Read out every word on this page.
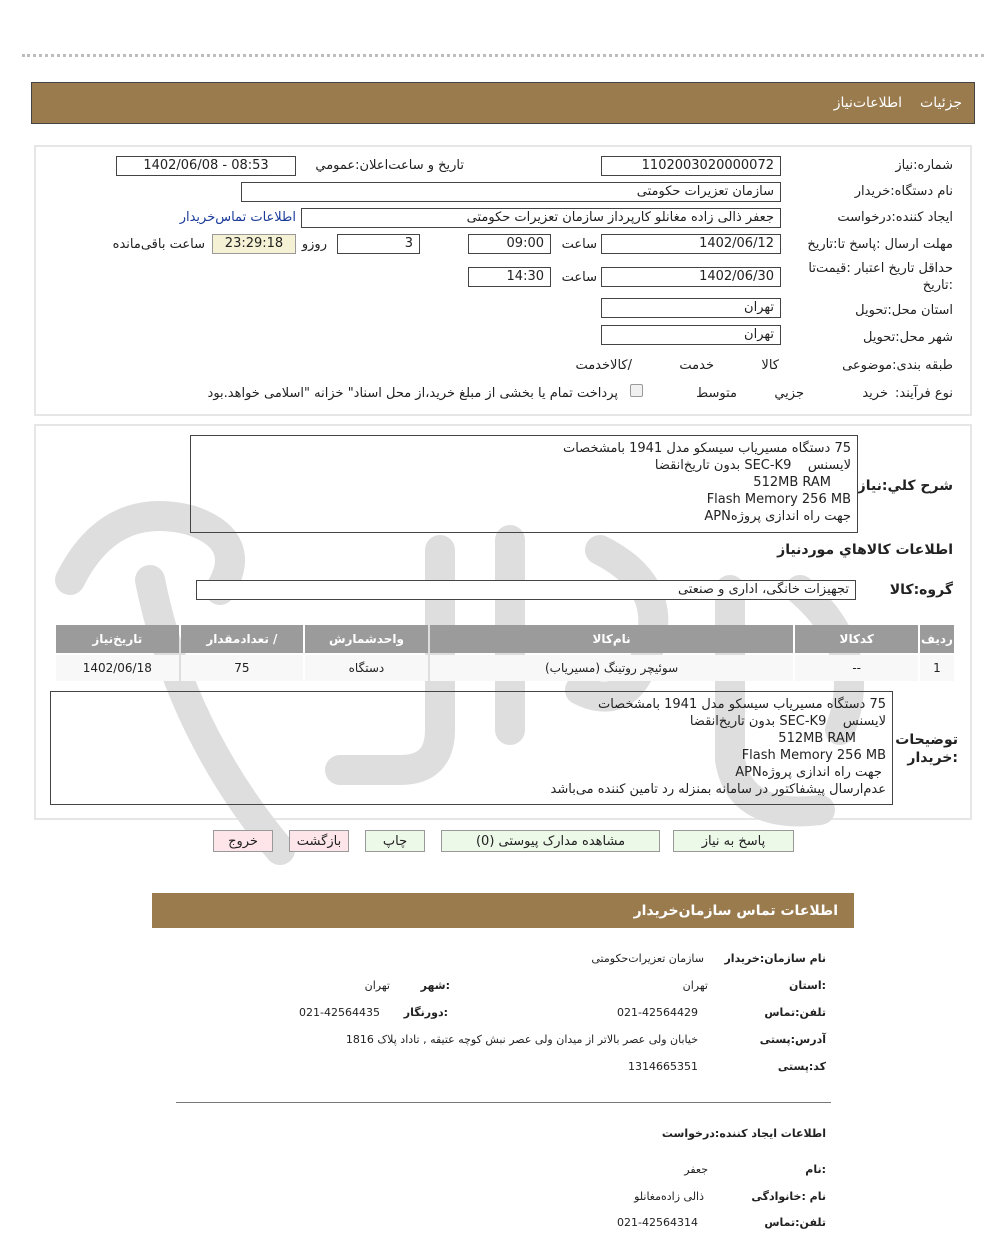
جزئیات
اطلاعات‌نیاز
شماره‌:نیاز
1102003020000072
تاریخ و ساعت‌اعلان:عمومي
1402/06/08 - 08:53
نام دستگاه:خریدار
سازمان تعزیرات حکومتی
ایجاد کننده:درخواست
جعفر ذالی زاده مغانلو کارپرداز سازمان تعزیرات حکومتی
اطلاعات تماس‌خریدار
مهلت ارسال :پاسخ تا:تاریخ
1402/06/12
ساعت
09:00
3
روزو
23:29:18
ساعت باقی‌مانده
حداقل تاریخ اعتبار :قیمت‌تا
:تاریخ
1402/06/30
ساعت
14:30
استان محل:تحویل
تهران
شهر محل:تحویل
تهران
طبقه بندی:موضوعی

کالا

خدمت

/کالاخدمت
نوع فرآیند:
خرید

جزیي
متوسط
پرداخت تمام یا بخشی از مبلغ خرید،از محل اسناد" خزانه "اسلامی خواهد.بود
شرح کلي:نیاز
75 دستگاه مسیریاب سیسکو مدل 1941 بامشخصات
لایسنس    SEC-K9 بدون تاریخ‌انقضا
512MB RAM
Flash Memory 256 MB
جهت راه اندازی پروژهAPN
اطلاعات کالاهاي مورد‌نیاز
گروه:کالا
تجهیزات خانگی، اداری و صنعتی
ردیف	کدکالا	نام‌کالا	واحدشمارش	/ تعداد‌مقدار	تاریخ‌نیاز
1	--	سوئیچر روتینگ (مسیریاب)	دستگاه	75	1402/06/18
توضیحات
:خریدار
75 دستگاه مسیریاب سیسکو مدل 1941 بامشخصات
لایسنس    SEC-K9 بدون تاریخ‌انقضا
512MB RAM
Flash Memory 256 MB
جهت راه اندازی پروژهAPN
عدم‌ارسال پیشفاکتور در سامانه بمنزله رد تامین کننده می‌باشد
پاسخ به نیاز
مشاهده مدارک پیوستی (0)
چاپ
بازگشت
خروج
اطلاعات تماس سازمان‌خریدار
نام سازمان:خریدار
سازمان تعزیرات‌حکومتی
:استان
تهران
:شهر
تهران
تلفن:تماس
021-42564429
:دورنگار
021-42564435
آدرس:پستی
خیابان ولی عصر بالاتر از میدان ولی عصر نبش کوچه عتیقه , تاداد پلاک 1816
کد:پستی
1314665351
اطلاعات ایجاد کننده:درخواست
:نام
جعفر
نام :خانوادگی
ذالی زاده‌مغانلو
تلفن:تماس
021-42564314
